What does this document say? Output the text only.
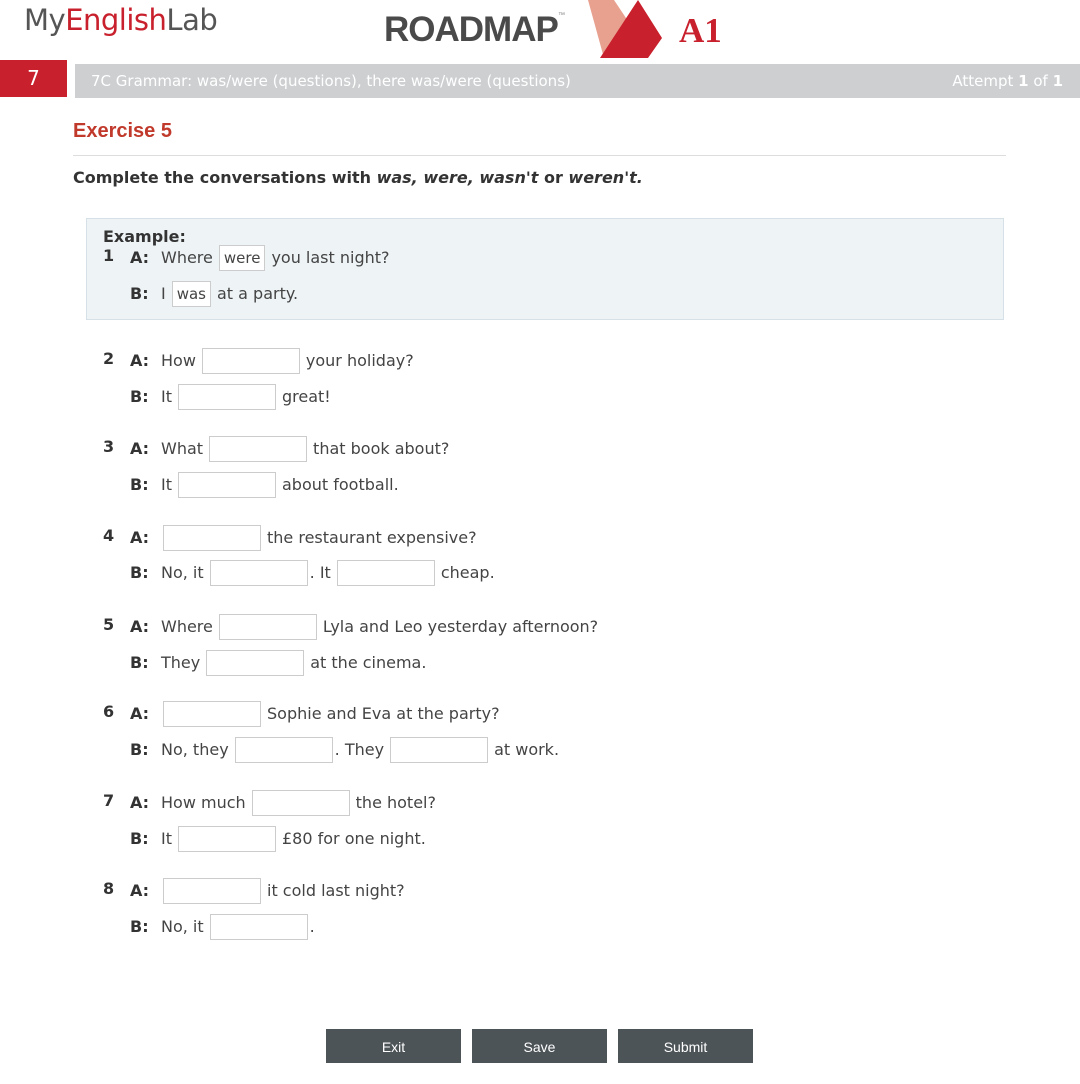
MyEnglishLab	ROADMAP ™	A1
7	7C Grammar: was/were (questions), there was/were (questions)	Attempt 1 of 1
Exercise 5
Complete the conversations with was, were, wasn't or weren't.
Example:
1 A: Where were you last night?
B: I was at a party.
2 A: How	your holiday?
B: It	great!
3 A: What	that book about?
B: It	about football.
4 A:	the restaurant expensive?
B: No, it	. It	cheap.
5 A: Where	Lyla and Leo yesterday afternoon?
B: They	at the cinema.
6 A:	Sophie and Eva at the party?
B: No, they	. They	at work.
7 A: How much	the hotel?
B: It	£80 for one night.
8 A:	it cold last night?
B: No, it	.
Exit	Save	Submit
